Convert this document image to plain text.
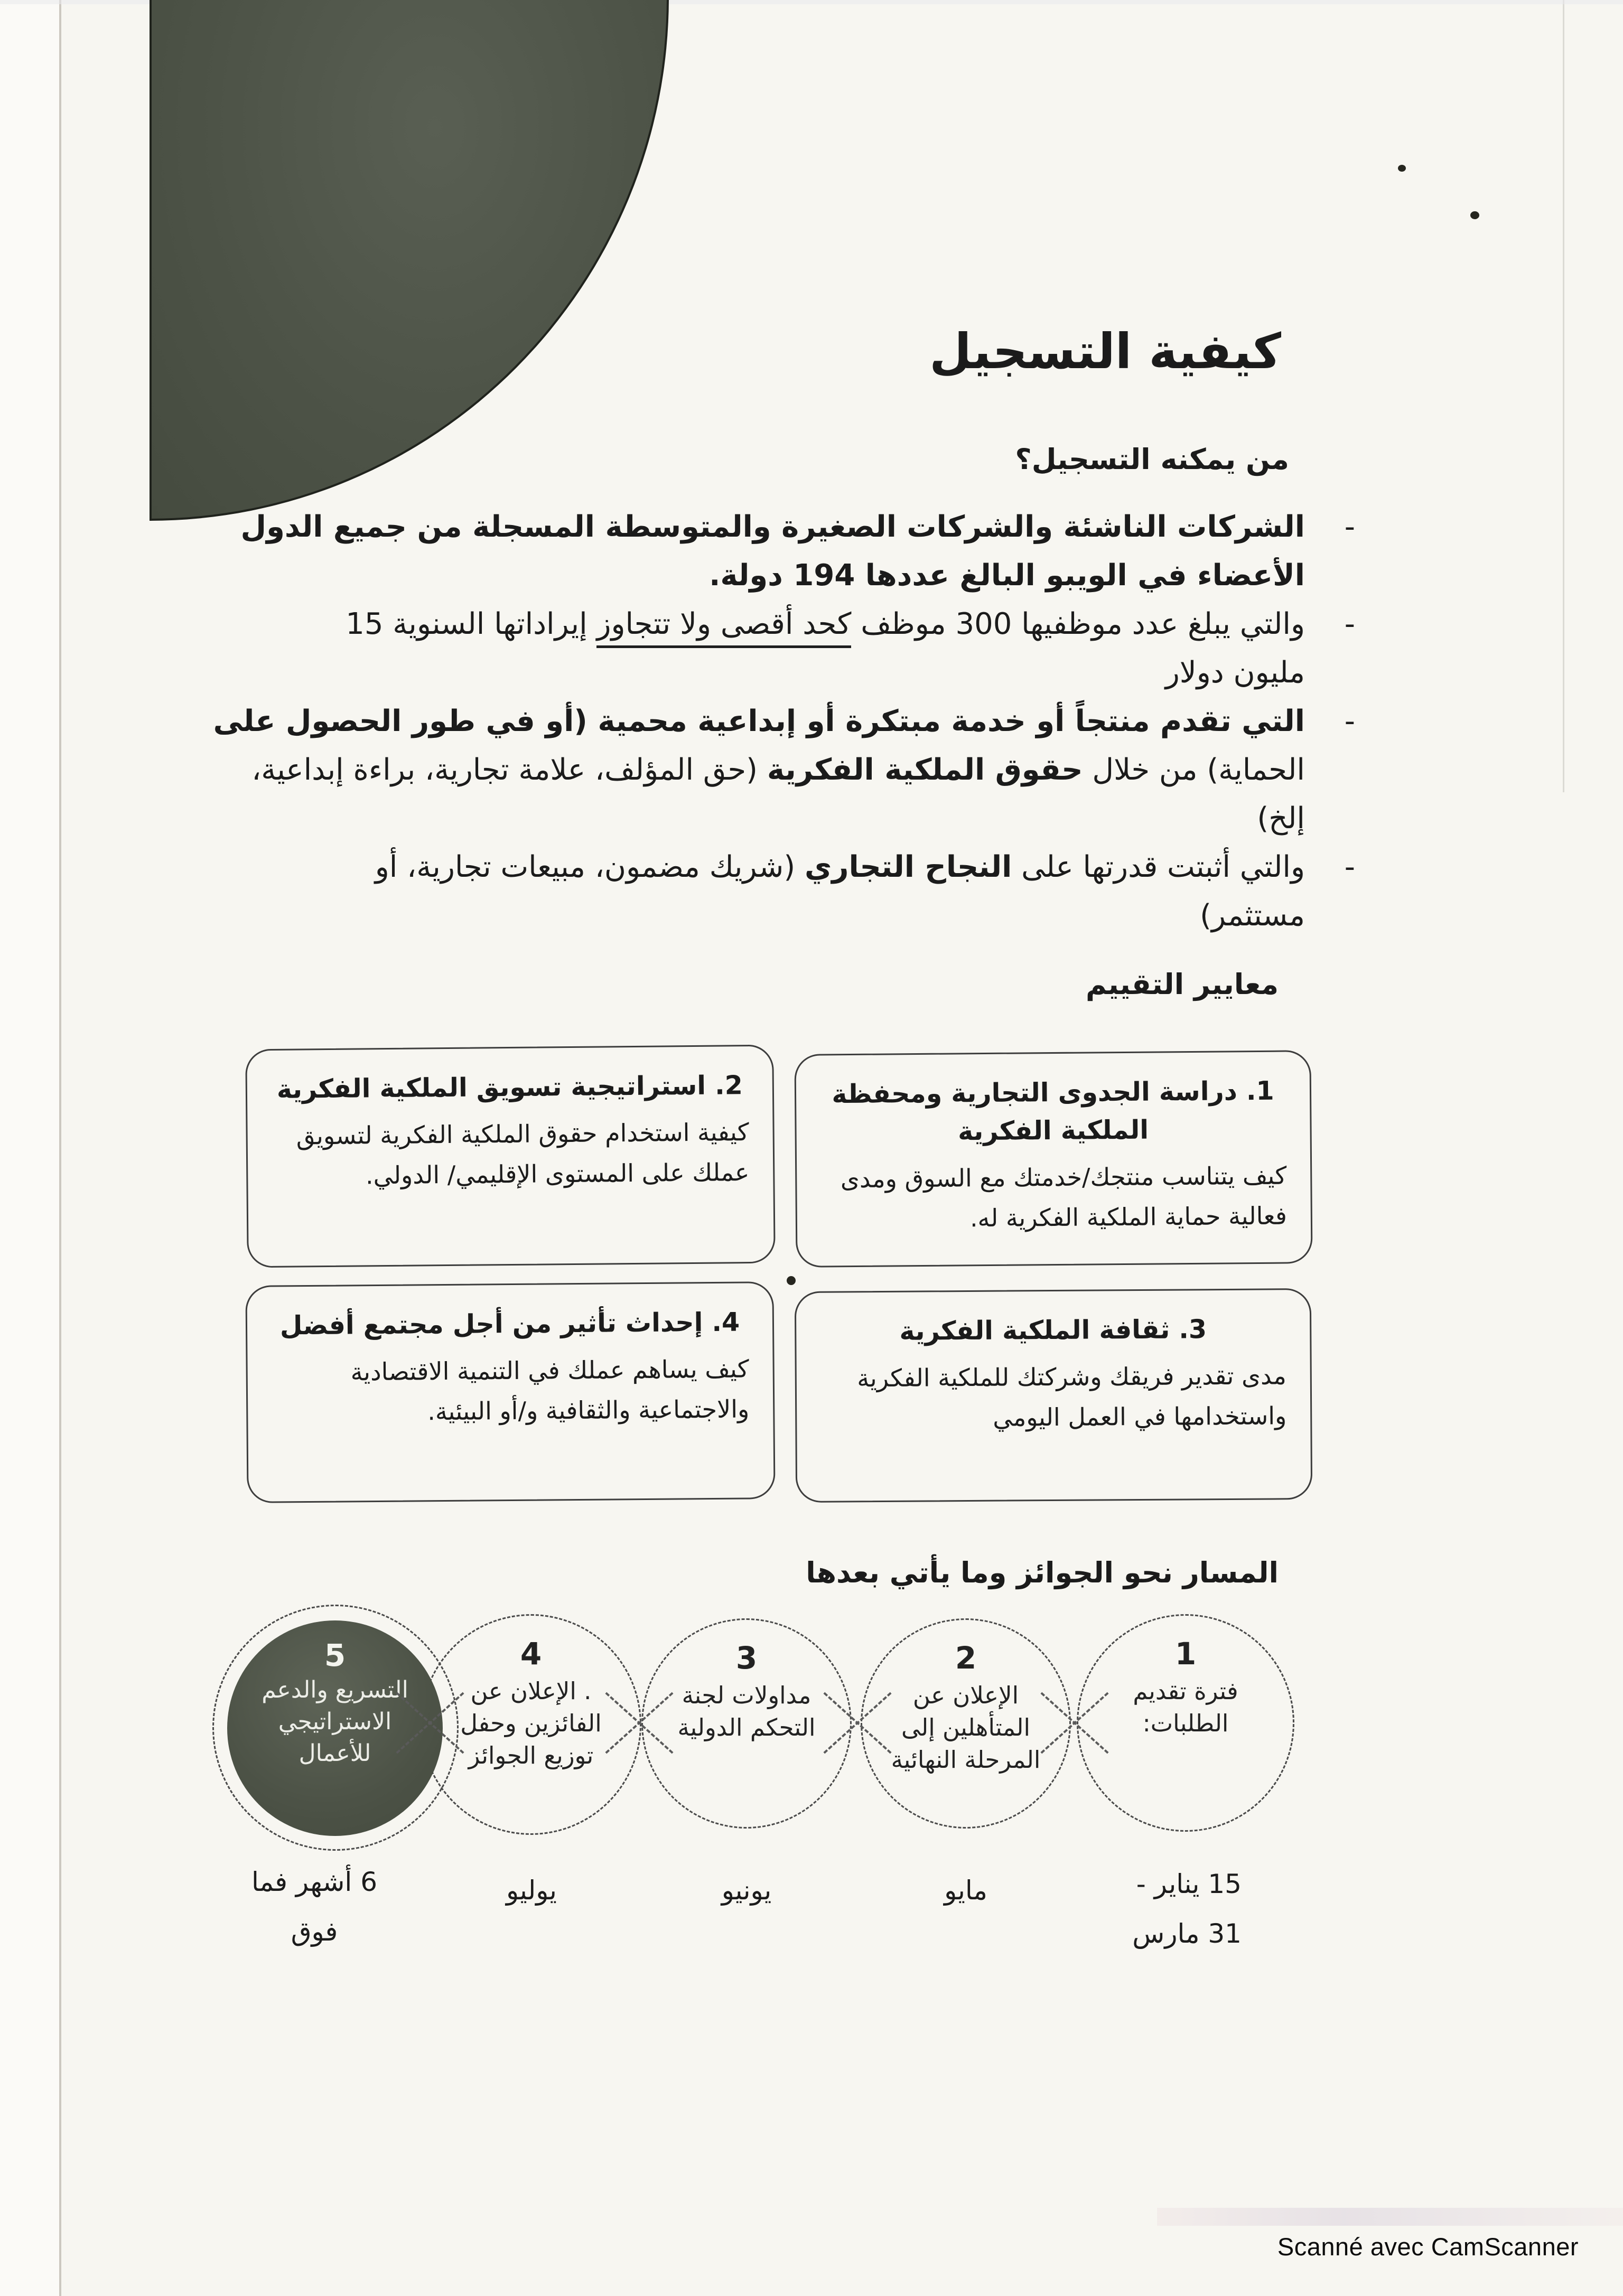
كيفية التسجيل
من يمكنه التسجيل؟
-
الشركات الناشئة والشركات الصغيرة والمتوسطة المسجلة من جميع الدول
الأعضاء في الويبو البالغ عددها 194 دولة.
-
والتي يبلغ عدد موظفيها 300 موظف كحد أقصى ولا تتجاوز إيراداتها السنوية 15
مليون دولار
-
التي تقدم منتجاً أو خدمة مبتكرة أو إبداعية محمية (أو في طور الحصول على
الحماية) من خلال حقوق الملكية الفكرية (حق المؤلف، علامة تجارية، براءة إبداعية،
إلخ)
-
والتي أثبتت قدرتها على النجاح التجاري (شريك مضمون، مبيعات تجارية، أو
مستثمر)
معايير التقييم
1. دراسة الجدوى التجارية ومحفظة الملكية الفكرية
كيف يتناسب منتجك/خدمتك مع السوق ومدى فعالية حماية الملكية الفكرية له.
2. استراتيجية تسويق الملكية الفكرية
كيفية استخدام حقوق الملكية الفكرية لتسويق عملك على المستوى الإقليمي/ الدولي.
3. ثقافة الملكية الفكرية
مدى تقدير فريقك وشركتك للملكية الفكرية واستخدامها في العمل اليومي
4. إحداث تأثير من أجل مجتمع أفضل
كيف يساهم عملك في التنمية الاقتصادية والاجتماعية والثقافية و/أو البيئية.
المسار نحو الجوائز وما يأتي بعدها
1
فترة تقديم الطلبات:
2
الإعلان عن المتأهلين إلى المرحلة النهائية
3
مداولات لجنة التحكم الدولية
4
. الإعلان عن الفائزين وحفل توزيع الجوائز
5
التسريع والدعم الاستراتيجي للأعمال
15 يناير -
31 مارس
مايو
يونيو
يوليو
6 أشهر فما
فوق
Scanné avec CamScanner
